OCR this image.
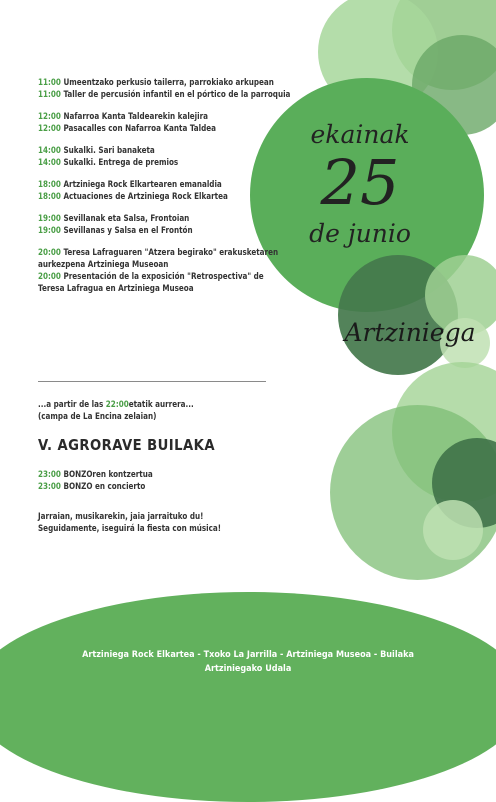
11:00 Umeentzako perkusio tailerra, parrokiako arkupean
11:00 Taller de percusión infantil en el pórtico de la parroquia
12:00 Nafarroa Kanta Taldearekin kalejira
12:00 Pasacalles con Nafarroa Kanta Taldea
14:00 Sukalki. Sari banaketa
14:00 Sukalki. Entrega de premios
18:00 Artziniega Rock Elkartearen emanaldia
18:00 Actuaciones de Artziniega Rock Elkartea
19:00 Sevillanak eta Salsa, Frontoian
19:00 Sevillanas y Salsa en el Frontón
20:00 Teresa Lafraguaren "Atzera begirako" erakusketaren
aurkezpena Artziniega Museoan
20:00 Presentación de la exposición "Retrospectiva" de
Teresa Lafragua en Artziniega Museoa
...a partir de las 22:00etatik aurrera...
(campa de La Encina zelaian)
V. AGRORAVE BUILAKA
23:00 BONZOren kontzertua
23:00 BONZO en concierto
Jarraian, musikarekin, jaia jarraituko du!
Seguidamente, iseguirá la fiesta con música!
ekainak
25
de junio
Artziniega
Artziniega Rock Elkartea - Txoko La Jarrilla - Artziniega Museoa - Builaka
Artziniegako Udala
